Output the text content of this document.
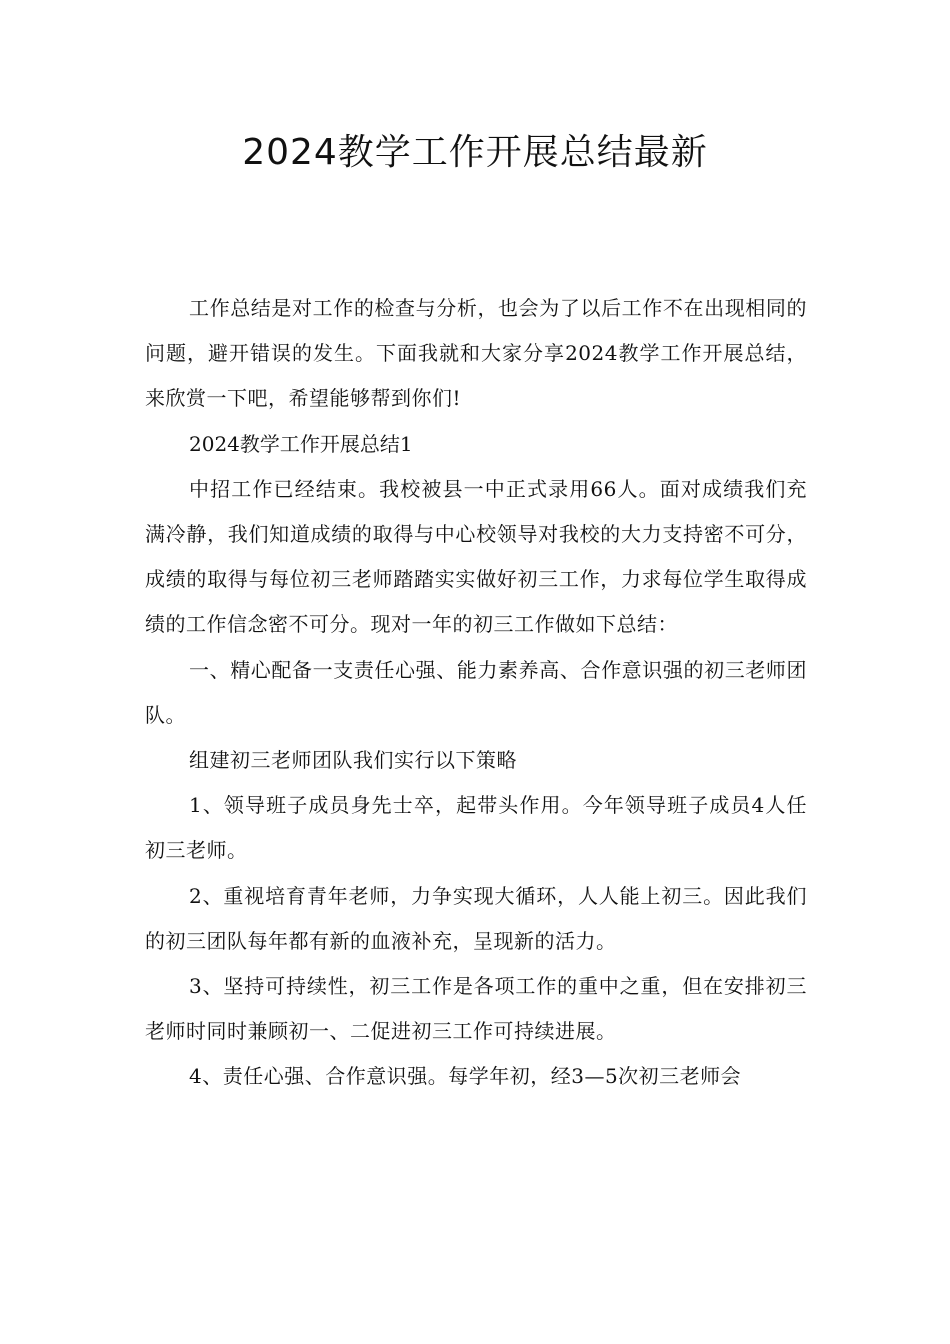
2024教学工作开展总结最新

工作总结是对工作的检查与分析，也会为了以后工作不在出现相同的问题，避开错误的发生。下面我就和大家分享2024教学工作开展总结，来欣赏一下吧，希望能够帮到你们!

2024教学工作开展总结1

中招工作已经结束。我校被县一中正式录用66人。面对成绩我们充满冷静，我们知道成绩的取得与中心校领导对我校的大力支持密不可分，成绩的取得与每位初三老师踏踏实实做好初三工作，力求每位学生取得成绩的工作信念密不可分。现对一年的初三工作做如下总结：

一、精心配备一支责任心强、能力素养高、合作意识强的初三老师团队。

组建初三老师团队我们实行以下策略

1、领导班子成员身先士卒，起带头作用。今年领导班子成员4人任初三老师。

2、重视培育青年老师，力争实现大循环，人人能上初三。因此我们的初三团队每年都有新的血液补充，呈现新的活力。

3、坚持可持续性，初三工作是各项工作的重中之重，但在安排初三老师时同时兼顾初一、二促进初三工作可持续进展。

4、责任心强、合作意识强。每学年初，经3—5次初三老师会
